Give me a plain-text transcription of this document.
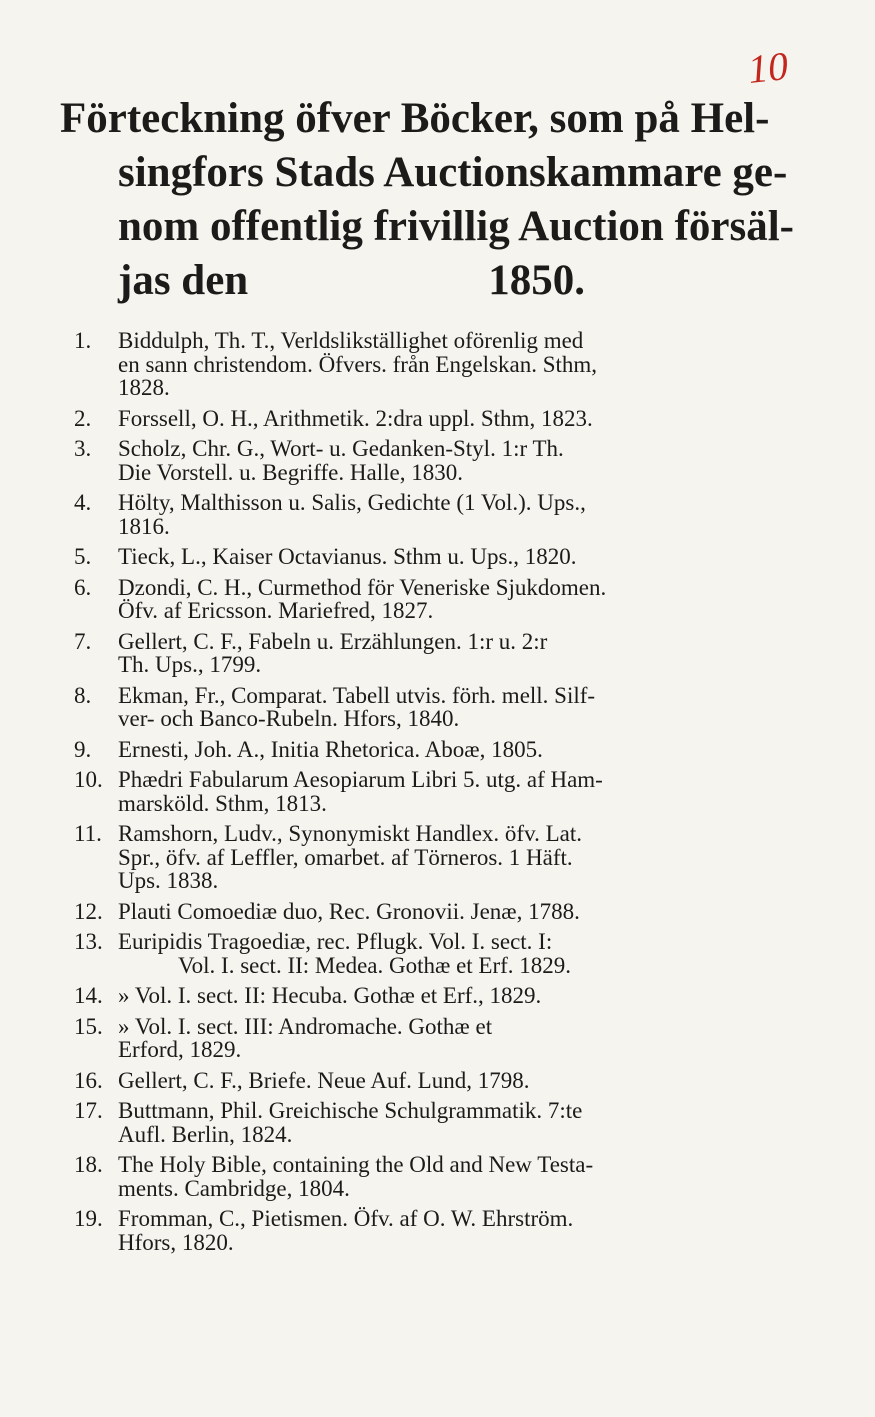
10
Förteckning öfver Böcker, som på Hel-
singfors Stads Auctionskammare ge-
nom offentlig frivillig Auction försäl-
jas den	1850.
1.	Biddulph, Th. T., Verldslikställighet oförenlig med
en sann christendom. Öfvers. från Engelskan. Sthm,
1828.
2.	Forssell, O. H., Arithmetik. 2:dra uppl. Sthm, 1823.
3.	Scholz, Chr. G., Wort- u. Gedanken-Styl. 1:r Th.
Die Vorstell. u. Begriffe. Halle, 1830.
4.	Hölty, Malthisson u. Salis, Gedichte (1 Vol.). Ups.,
1816.
5.	Tieck, L., Kaiser Octavianus. Sthm u. Ups., 1820.
6.	Dzondi, C. H., Curmethod för Veneriske Sjukdomen.
Öfv. af Ericsson. Mariefred, 1827.
7.	Gellert, C. F., Fabeln u. Erzählungen. 1:r u. 2:r
Th. Ups., 1799.
8.	Ekman, Fr., Comparat. Tabell utvis. förh. mell. Silf-
ver- och Banco-Rubeln. Hfors, 1840.
9.	Ernesti, Joh. A., Initia Rhetorica. Aboæ, 1805.
10. Phædri Fabularum Aesopiarum Libri 5. utg. af Ham-
marsköld. Sthm, 1813.
11. Ramshorn, Ludv., Synonymiskt Handlex. öfv. Lat.
Spr., öfv. af Leffler, omarbet. af Törneros. 1 Häft.
Ups. 1838.
12. Plauti Comoediæ duo, Rec. Gronovii. Jenæ, 1788.
13. Euripidis Tragoediæ, rec. Pflugk. Vol. I. sect. I:
Vol. I. sect. II: Medea. Gothæ et Erf. 1829.
14. » Vol. I. sect. II: Hecuba. Gothæ et Erf., 1829.
15. » Vol. I. sect. III: Andromache. Gothæ et
Erford, 1829.
16. Gellert, C. F., Briefe. Neue Auf. Lund, 1798.
17. Buttmann, Phil. Greichische Schulgrammatik. 7:te
Aufl. Berlin, 1824.
18. The Holy Bible, containing the Old and New Testa-
ments. Cambridge, 1804.
19. Fromman, C., Pietismen. Öfv. af O. W. Ehrström.
Hfors, 1820.
